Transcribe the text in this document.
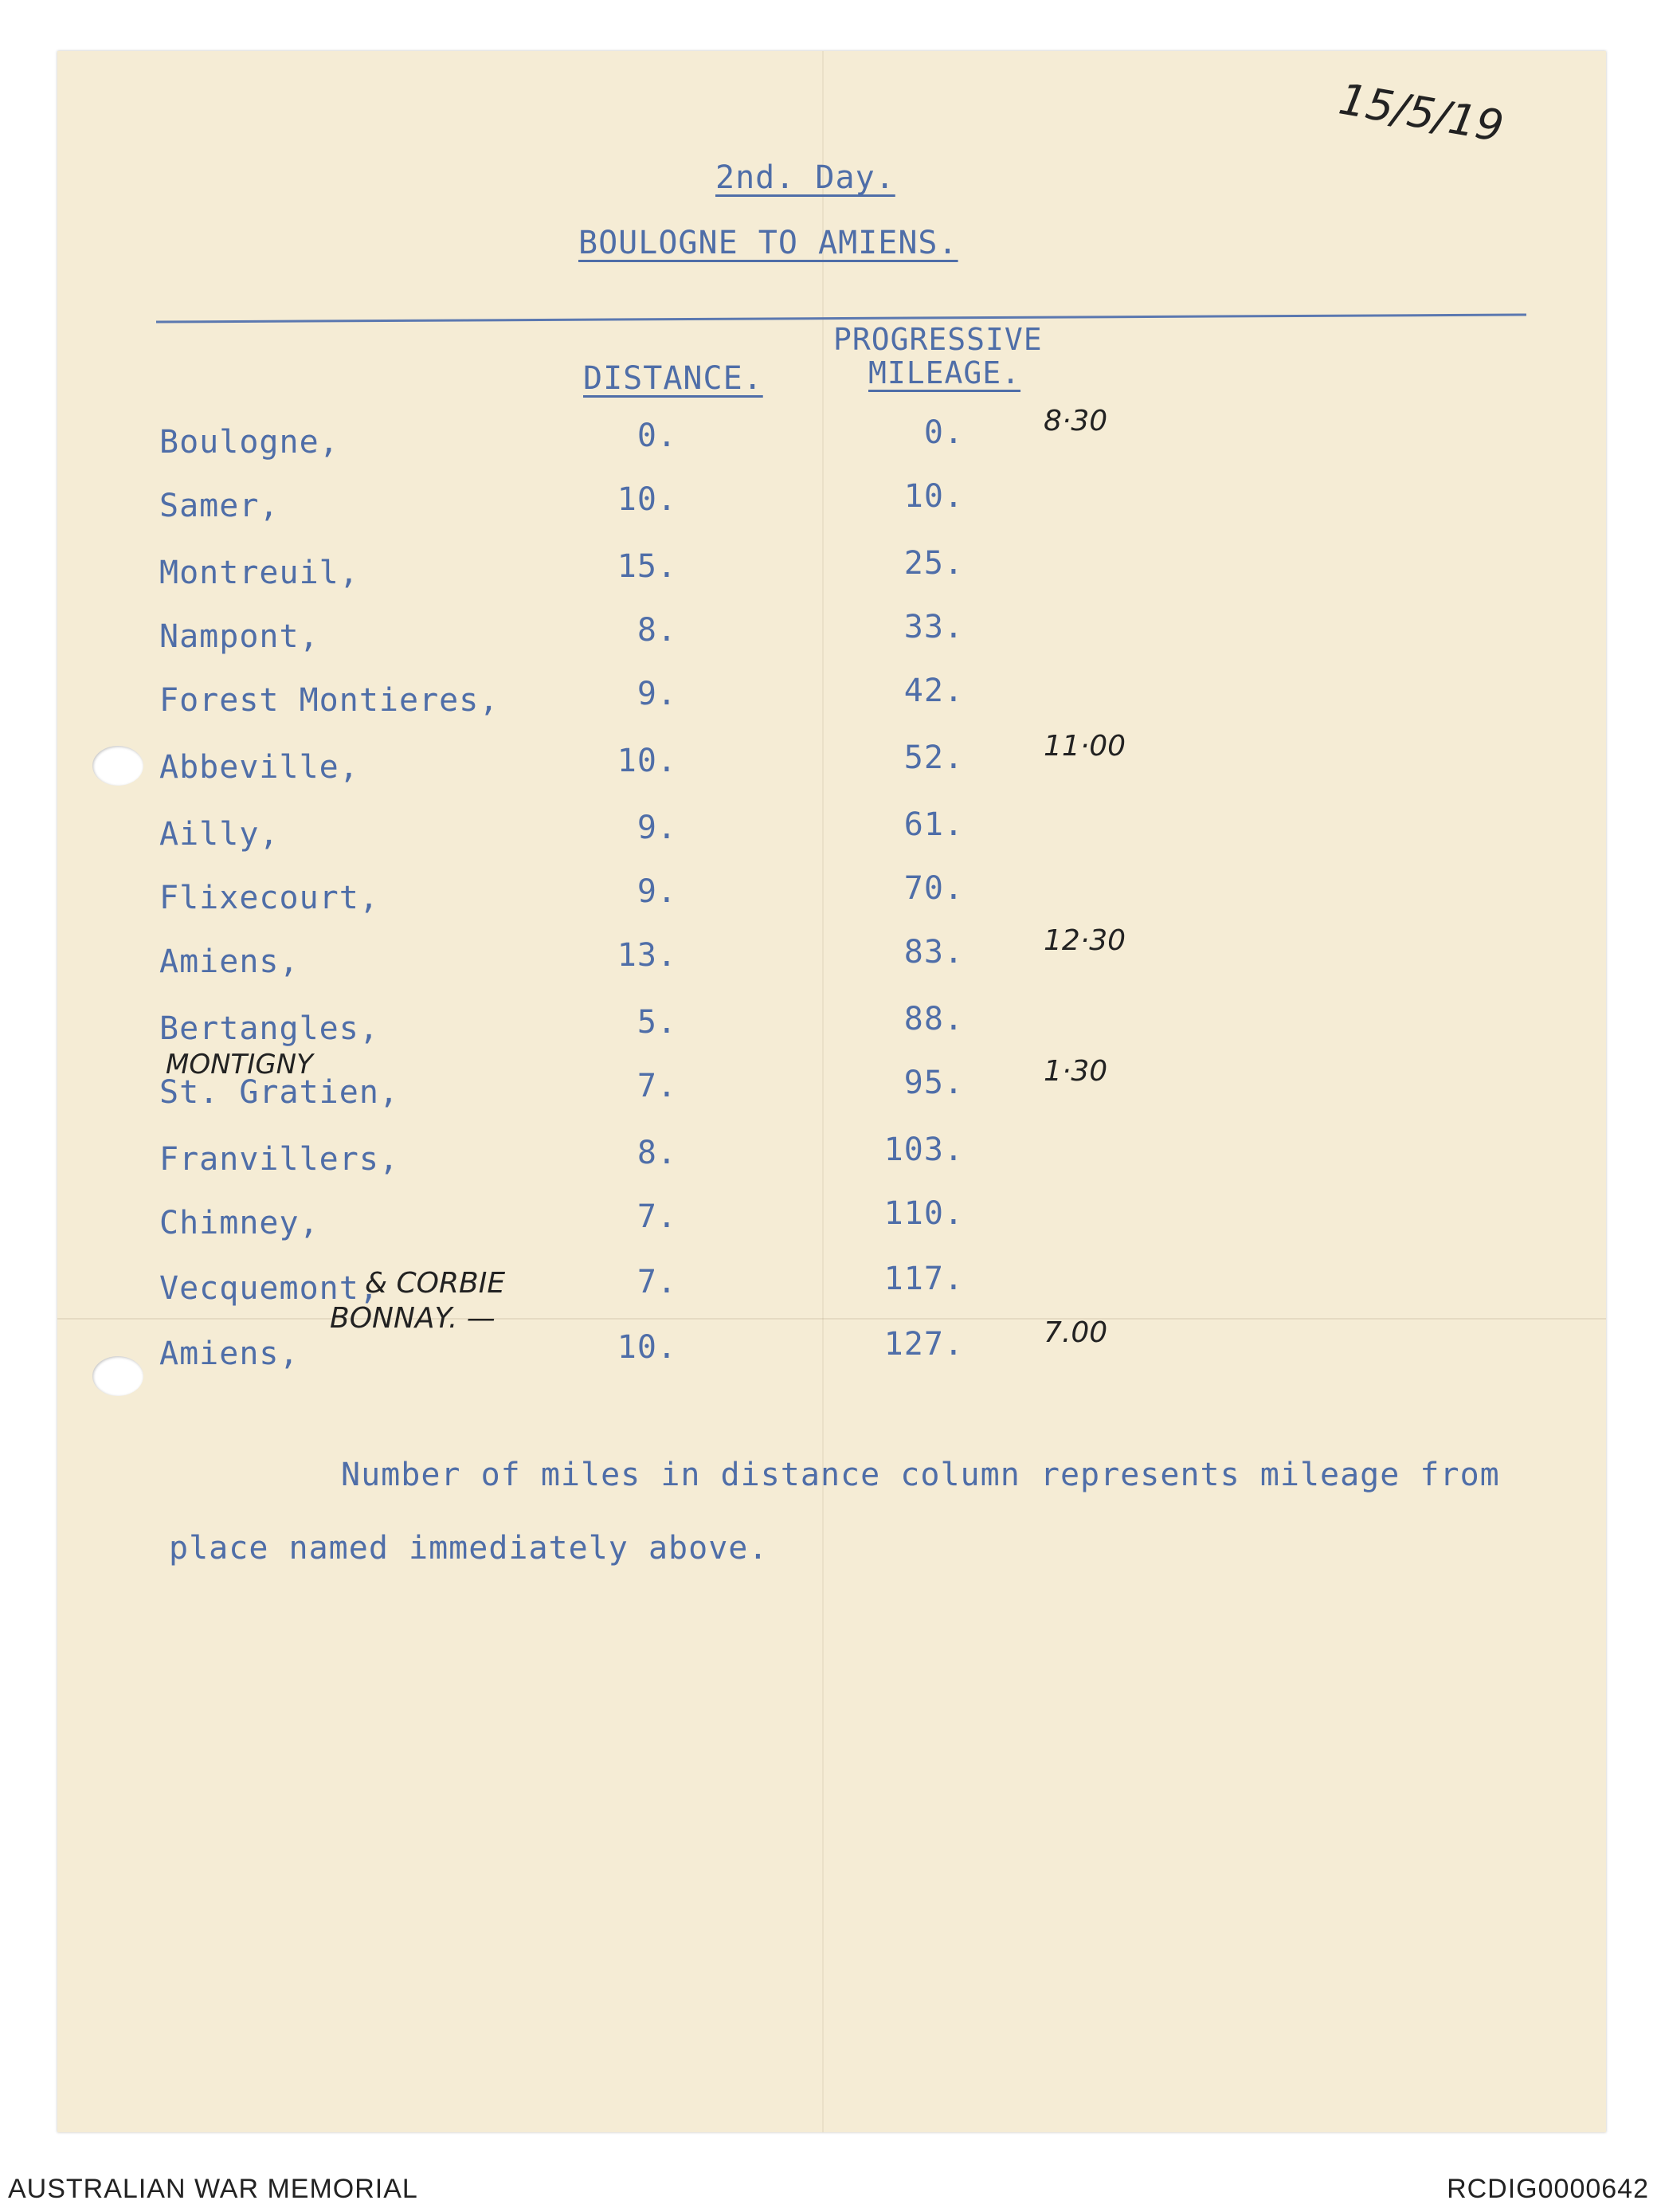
15/5/19
2nd. Day.
BOULOGNE TO AMIENS.
DISTANCE.
PROGRESSIVE
MILEAGE.
Boulogne,	0.	0.	8·30
Samer,	10.	10.
Montreuil,	15.	25.
Nampont,	8.	33.
Forest Montieres,	9.	42.
Abbeville,	10.	52.	11·00
Ailly,	9.	61.
Flixecourt,	9.	70.
Amiens,	13.	83.	12·30
Bertangles,	5.	88.
St. Gratien,	7.	95.	1·30
Franvillers,	8.	103.
Chimney,	7.	110.
Vecquemont,	7.	117.
Amiens,	10.	127.	7.00
MONTIGNY
& CORBIE
BONNAY. —
Number of miles in distance column represents mileage from
place named immediately above.
AUSTRALIAN WAR MEMORIAL	RCDIG0000642
